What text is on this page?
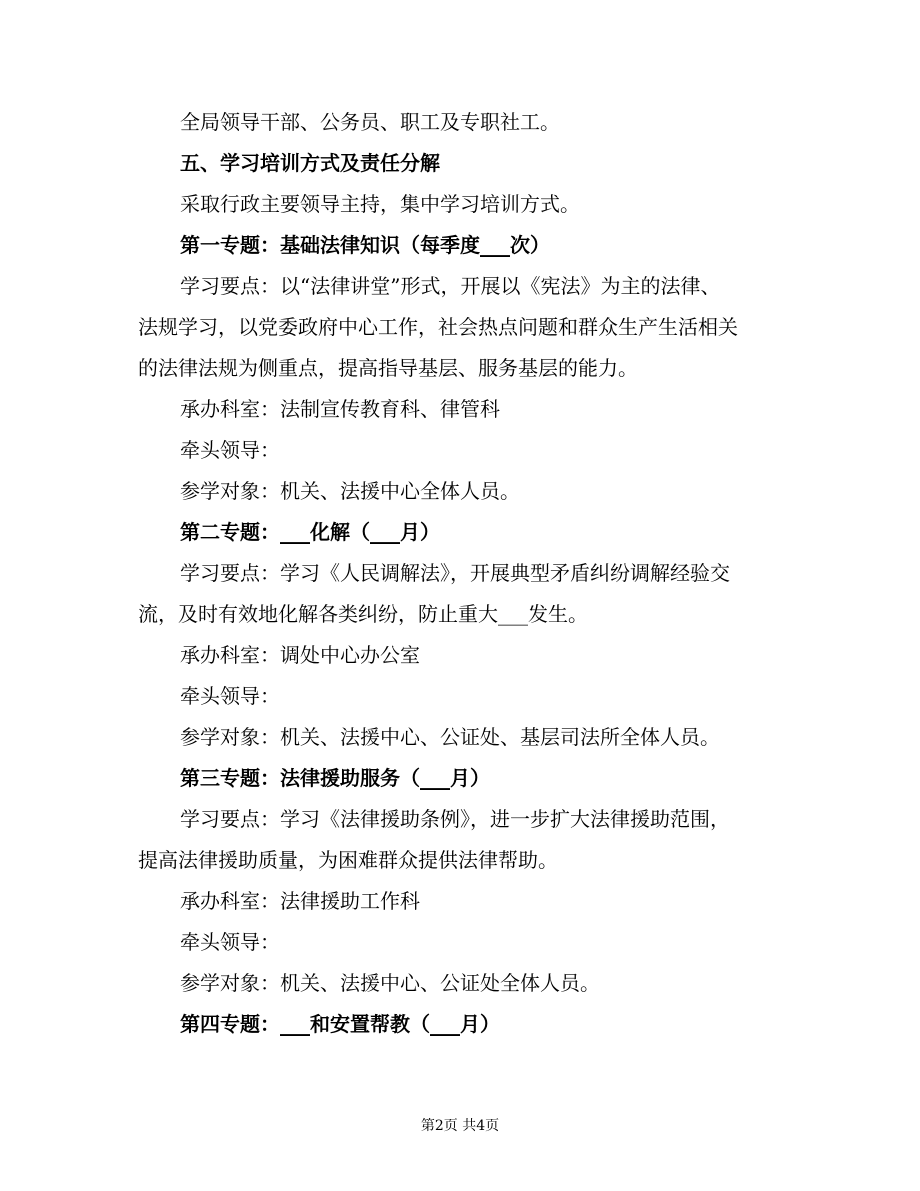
全局领导干部、公务员、职工及专职社工。
五、学习培训方式及责任分解
采取行政主要领导主持，集中学习培训方式。
第一专题：基础法律知识（每季度___次）
学习要点：以“法律讲堂”形式，开展以《宪法》为主的法律、
法规学习，以党委政府中心工作，社会热点问题和群众生产生活相关
的法律法规为侧重点，提高指导基层、服务基层的能力。
承办科室：法制宣传教育科、律管科
牵头领导：
参学对象：机关、法援中心全体人员。
第二专题：___化解（___月）
学习要点：学习《人民调解法》，开展典型矛盾纠纷调解经验交
流，及时有效地化解各类纠纷，防止重大___发生。
承办科室：调处中心办公室
牵头领导：
参学对象：机关、法援中心、公证处、基层司法所全体人员。
第三专题：法律援助服务（___月）
学习要点：学习《法律援助条例》，进一步扩大法律援助范围，
提高法律援助质量，为困难群众提供法律帮助。
承办科室：法律援助工作科
牵头领导：
参学对象：机关、法援中心、公证处全体人员。
第四专题：___和安置帮教（___月）
第2页 共4页
